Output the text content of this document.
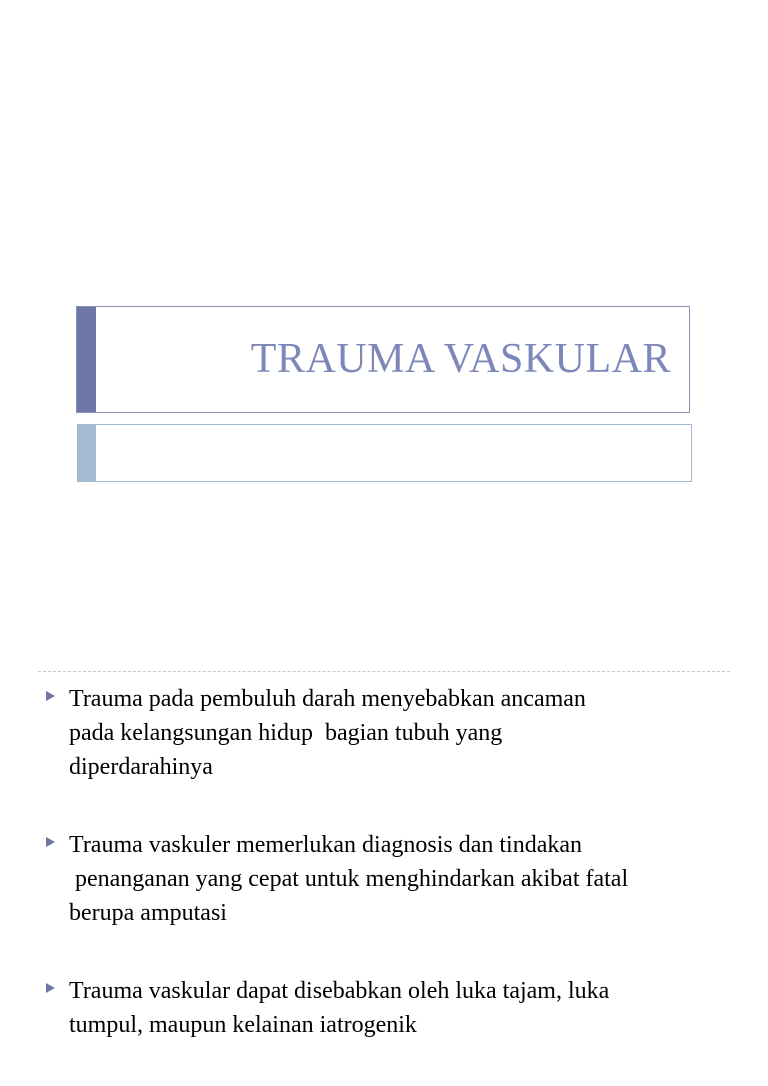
TRAUMA VASKULAR
Trauma pada pembuluh darah menyebabkan ancaman
pada kelangsungan hidup  bagian tubuh yang
diperdarahinya
Trauma vaskuler memerlukan diagnosis dan tindakan
penanganan yang cepat untuk menghindarkan akibat fatal
berupa amputasi
Trauma vaskular dapat disebabkan oleh luka tajam, luka
tumpul, maupun kelainan iatrogenik
